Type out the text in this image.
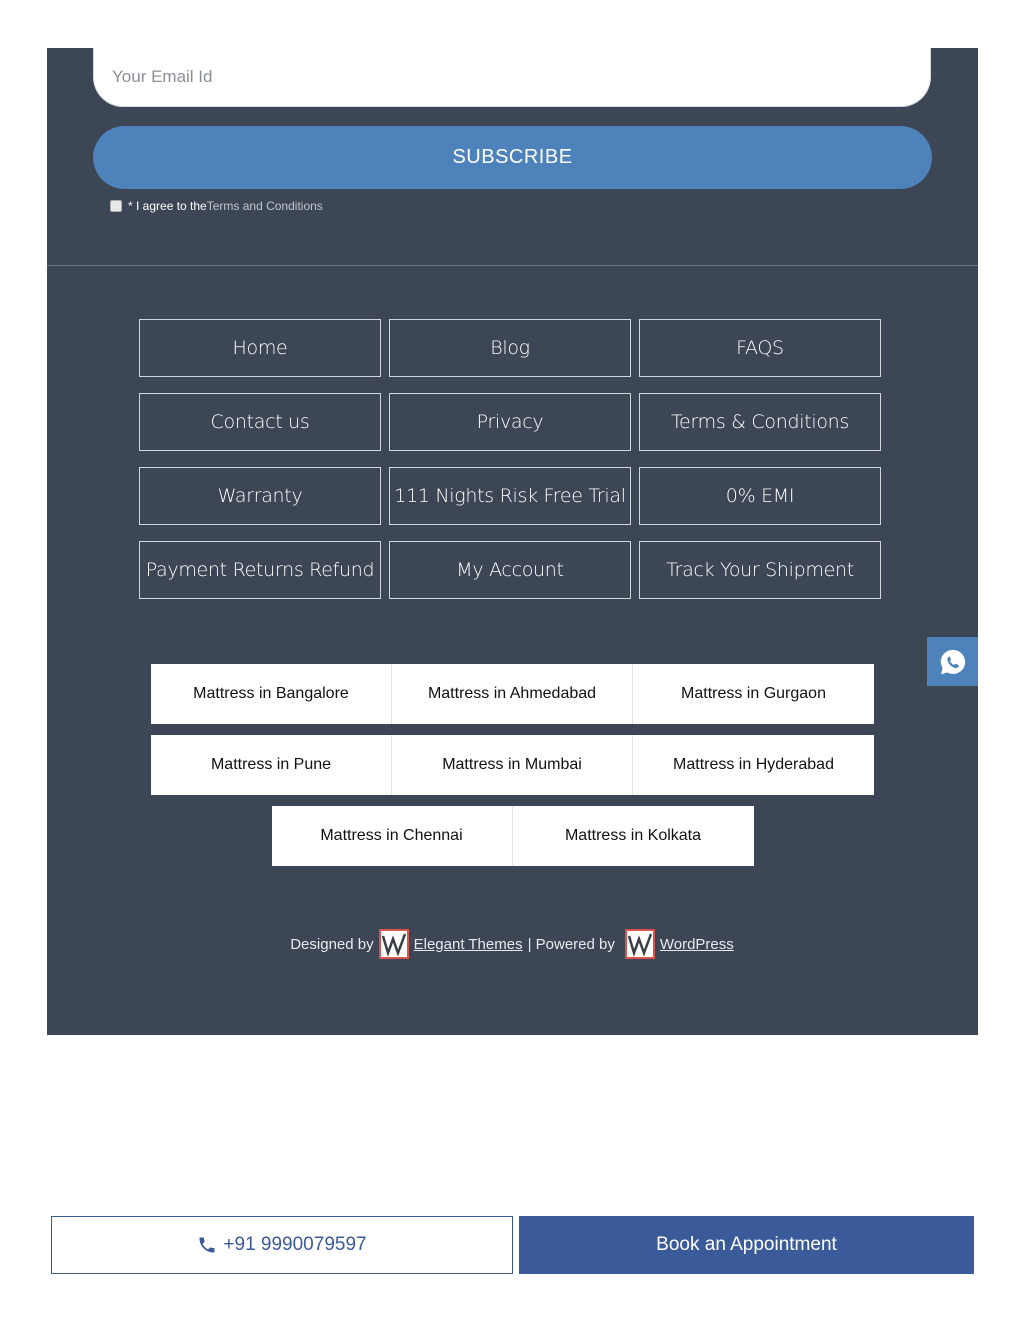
Your Email Id
SUBSCRIBE
* I agree to the Terms and Conditions
Home	Blog	FAQS
Contact us	Privacy	Terms & Conditions
Warranty	111 Nights Risk Free Trial	0% EMI
Payment Returns Refund	My Account	Track Your Shipment
Mattress in Bangalore	Mattress in Ahmedabad	Mattress in Gurgaon
Mattress in Pune	Mattress in Mumbai	Mattress in Hyderabad
Mattress in Chennai	Mattress in Kolkata
Designed by	Elegant Themes | Powered by	WordPress
+91 9990079597	Book an Appointment
